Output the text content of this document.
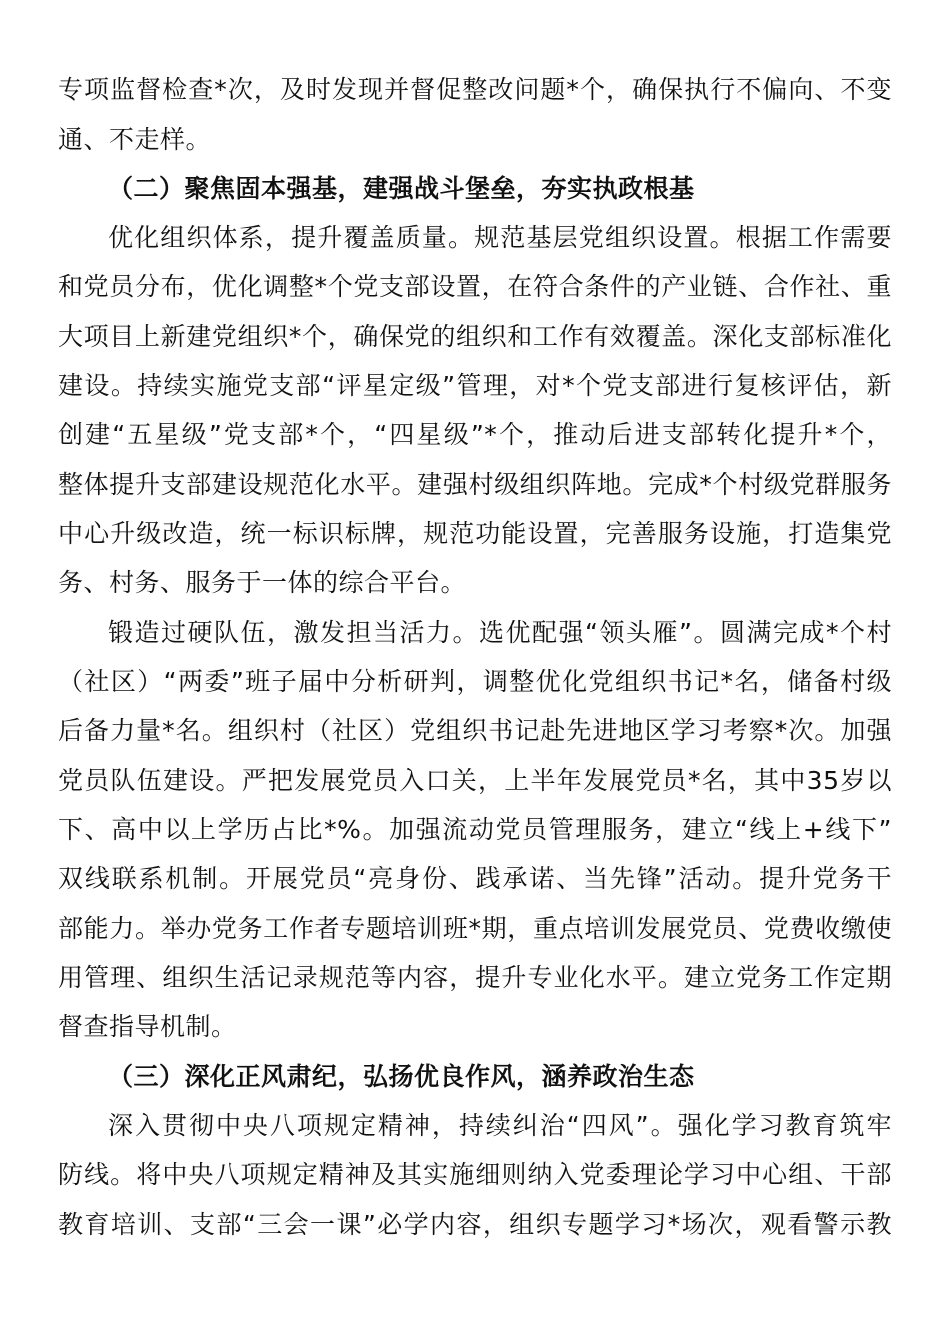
专项监督检查*次，及时发现并督促整改问题*个，确保执行不偏向、不变
通、不走样。
（二）聚焦固本强基，建强战斗堡垒，夯实执政根基
优化组织体系，提升覆盖质量。规范基层党组织设置。根据工作需要
和党员分布，优化调整*个党支部设置，在符合条件的产业链、合作社、重
大项目上新建党组织*个，确保党的组织和工作有效覆盖。深化支部标准化
建设。持续实施党支部“评星定级”管理，对*个党支部进行复核评估，新
创建“五星级”党支部*个，“四星级”*个，推动后进支部转化提升*个，
整体提升支部建设规范化水平。建强村级组织阵地。完成*个村级党群服务
中心升级改造，统一标识标牌，规范功能设置，完善服务设施，打造集党
务、村务、服务于一体的综合平台。
锻造过硬队伍，激发担当活力。选优配强“领头雁”。圆满完成*个村
（社区）“两委”班子届中分析研判，调整优化党组织书记*名，储备村级
后备力量*名。组织村（社区）党组织书记赴先进地区学习考察*次。加强
党员队伍建设。严把发展党员入口关，上半年发展党员*名，其中35岁以
下、高中以上学历占比*%。加强流动党员管理服务，建立“线上+线下”
双线联系机制。开展党员“亮身份、践承诺、当先锋”活动。提升党务干
部能力。举办党务工作者专题培训班*期，重点培训发展党员、党费收缴使
用管理、组织生活记录规范等内容，提升专业化水平。建立党务工作定期
督查指导机制。
（三）深化正风肃纪，弘扬优良作风，涵养政治生态
深入贯彻中央八项规定精神，持续纠治“四风”。强化学习教育筑牢
防线。将中央八项规定精神及其实施细则纳入党委理论学习中心组、干部
教育培训、支部“三会一课”必学内容，组织专题学习*场次，观看警示教
